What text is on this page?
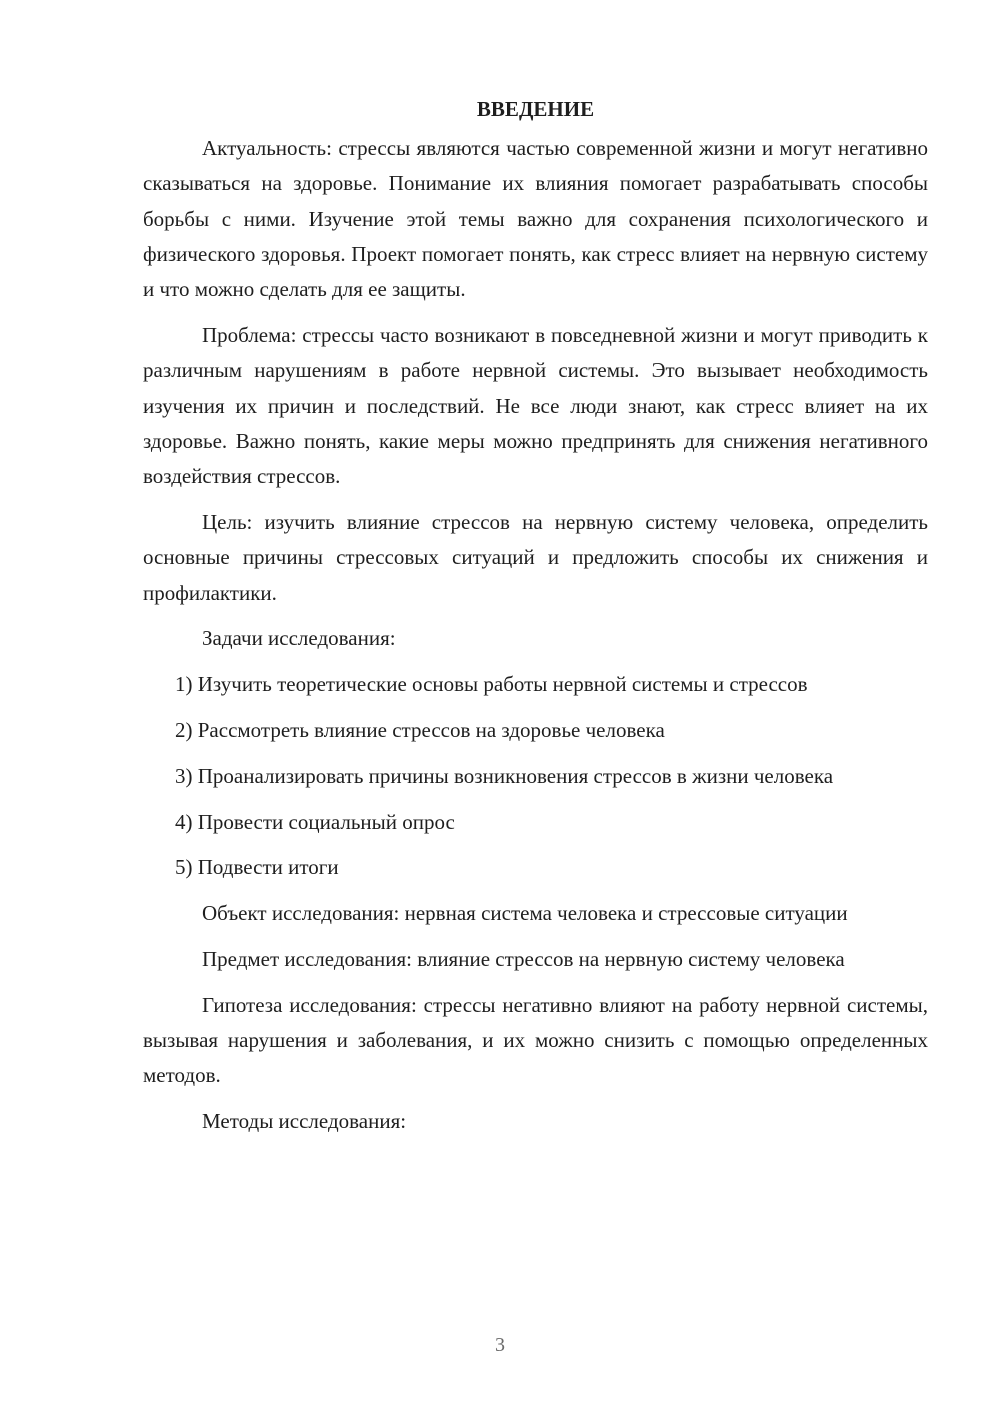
ВВЕДЕНИЕ

Актуальность: стрессы являются частью современной жизни и могут негативно сказываться на здоровье. Понимание их влияния помогает разрабатывать способы борьбы с ними. Изучение этой темы важно для сохранения психологического и физического здоровья. Проект помогает понять, как стресс влияет на нервную систему и что можно сделать для ее защиты.

Проблема: стрессы часто возникают в повседневной жизни и могут приводить к различным нарушениям в работе нервной системы. Это вызывает необходимость изучения их причин и последствий. Не все люди знают, как стресс влияет на их здоровье. Важно понять, какие меры можно предпринять для снижения негативного воздействия стрессов.

Цель: изучить влияние стрессов на нервную систему человека, определить основные причины стрессовых ситуаций и предложить способы их снижения и профилактики.

Задачи исследования:

1) Изучить теоретические основы работы нервной системы и стрессов

2) Рассмотреть влияние стрессов на здоровье человека

3) Проанализировать причины возникновения стрессов в жизни человека

4) Провести социальный опрос

5) Подвести итоги

Объект исследования: нервная система человека и стрессовые ситуации

Предмет исследования: влияние стрессов на нервную систему человека

Гипотеза исследования: стрессы негативно влияют на работу нервной системы, вызывая нарушения и заболевания, и их можно снизить с помощью определенных методов.

Методы исследования:

3
